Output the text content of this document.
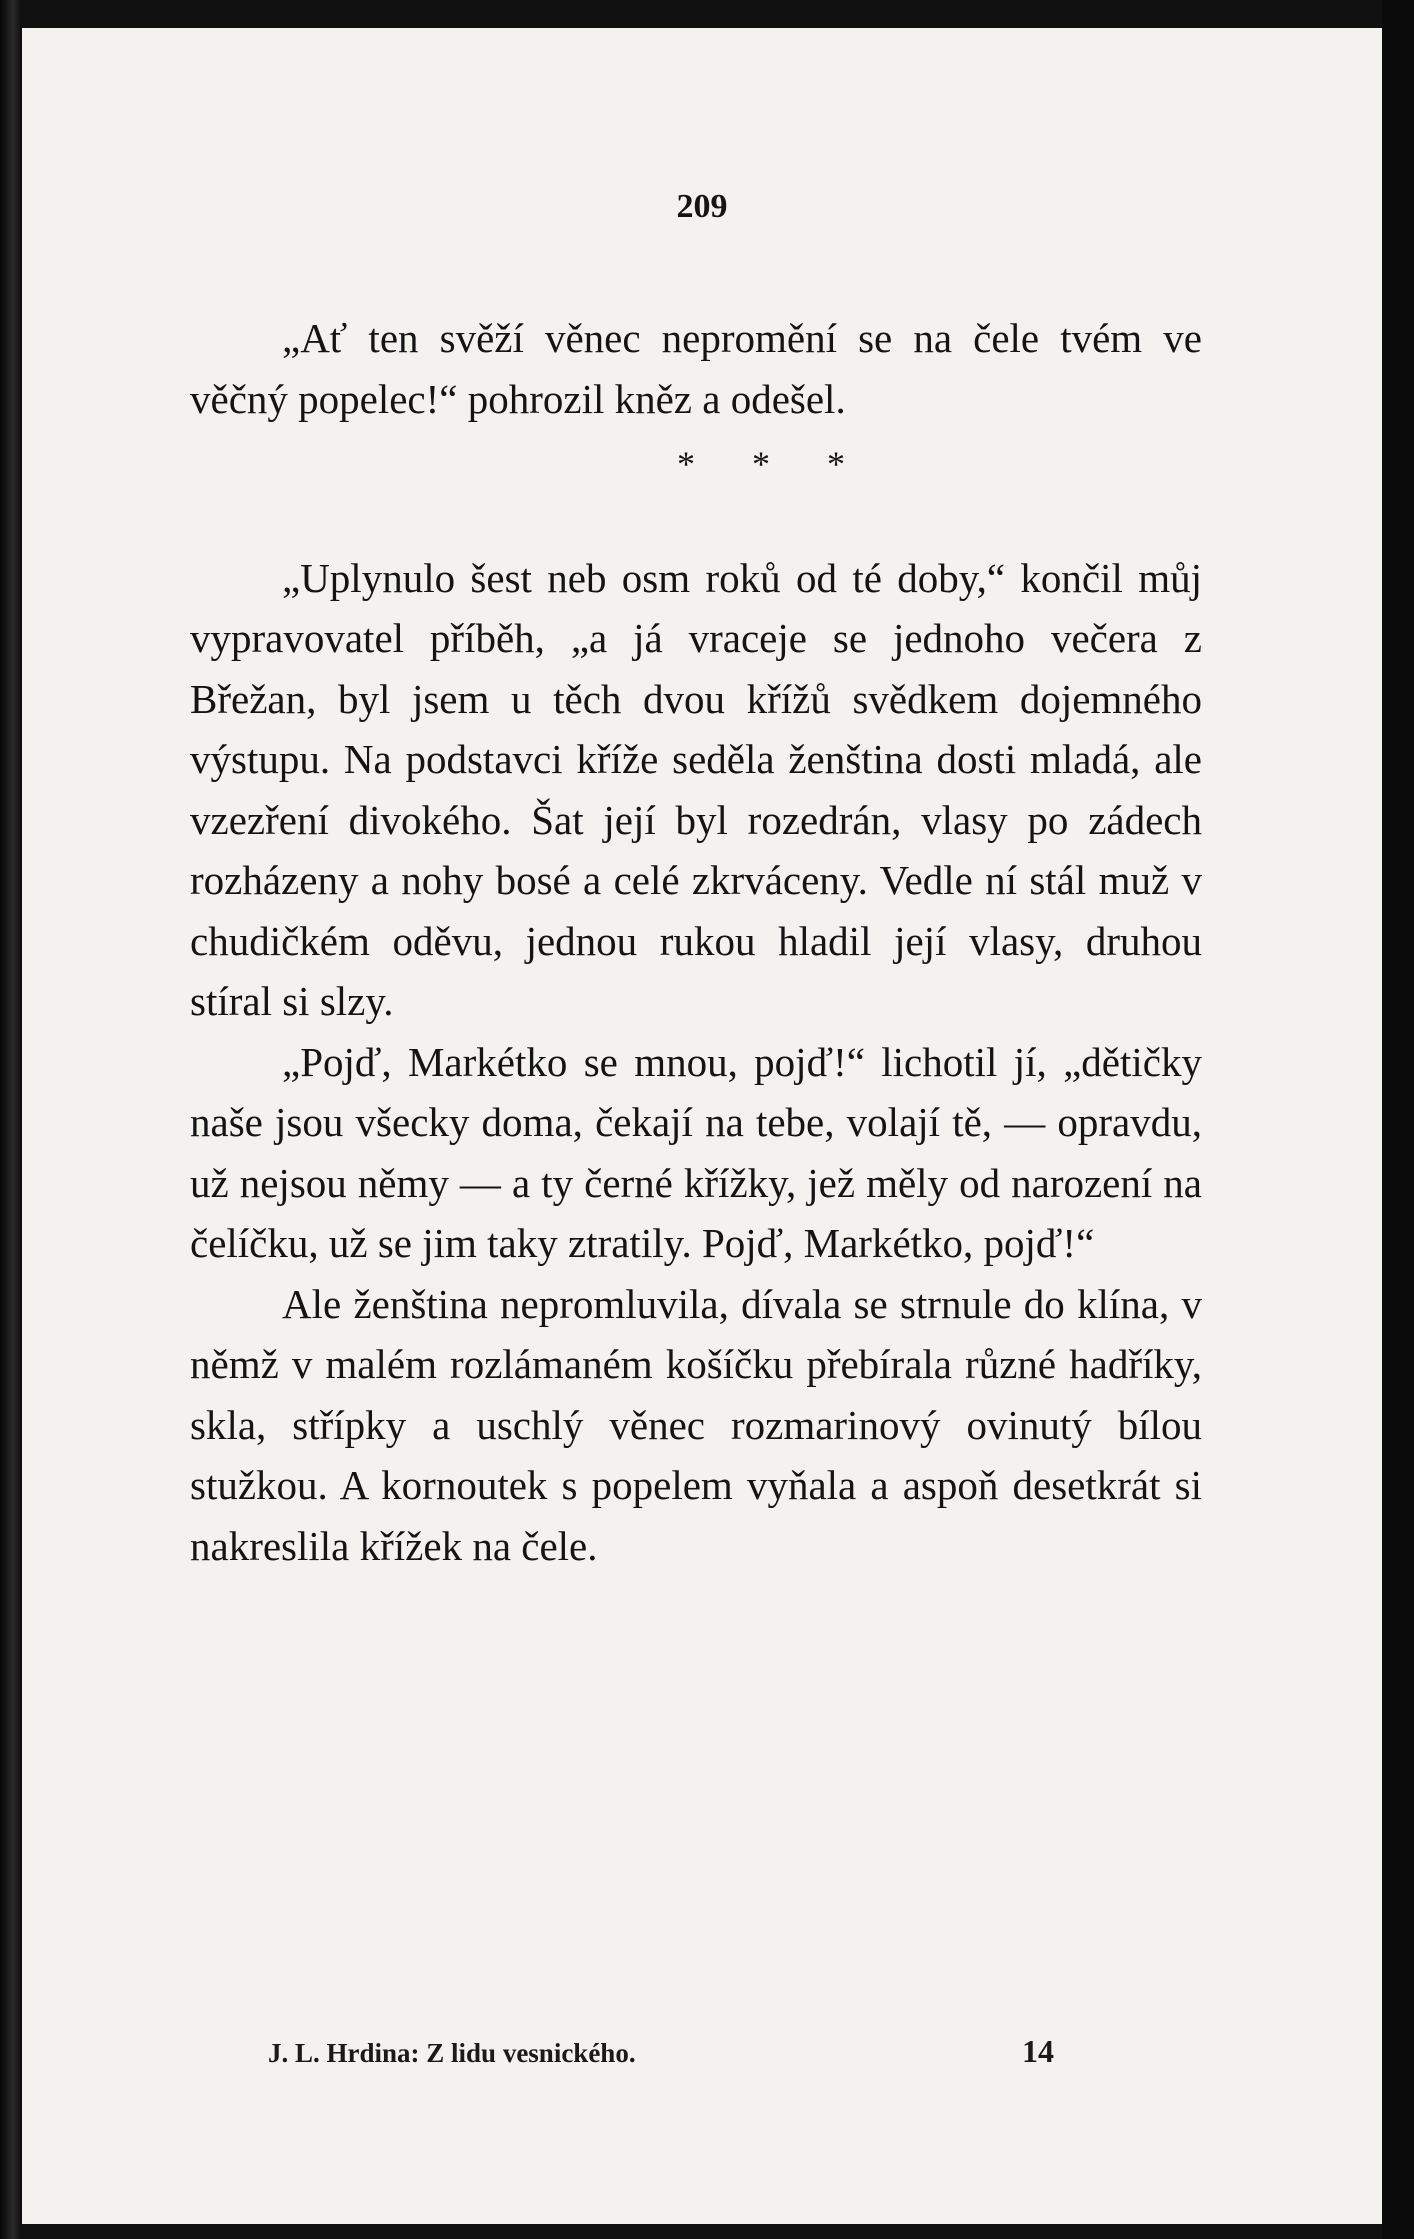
209

„Ať ten svěží věnec nepromění se na čele tvém ve věčný popelec!“ pohrozil kněz a odešel.

* * *

„Uplynulo šest neb osm roků od té doby,“ končil můj vypravovatel příběh, „a já vraceje se jednoho večera z Břežan, byl jsem u těch dvou křížů svědkem dojemného výstupu. Na podstavci kříže seděla ženština dosti mladá, ale vzezření divokého. Šat její byl rozedrán, vlasy po zádech rozházeny a nohy bosé a celé zkrváceny. Vedle ní stál muž v chudičkém oděvu, jednou rukou hladil její vlasy, druhou stíral si slzy.

„Pojď, Markétko se mnou, pojď!“ lichotil jí, „dětičky naše jsou všecky doma, čekají na tebe, volají tě, — opravdu, už nejsou němy — a ty černé křížky, jež měly od narození na čelíčku, už se jim taky ztratily. Pojď, Markétko, pojď!“

Ale ženština nepromluvila, dívala se strnule do klína, v němž v malém rozlámaném košíčku přebírala různé hadříky, skla, střípky a uschlý věnec rozmarinový ovinutý bílou stužkou. A kornoutek s popelem vyňala a aspoň desetkrát si nakreslila křížek na čele.

J. L. Hrdina: Z lidu vesnického.	14
